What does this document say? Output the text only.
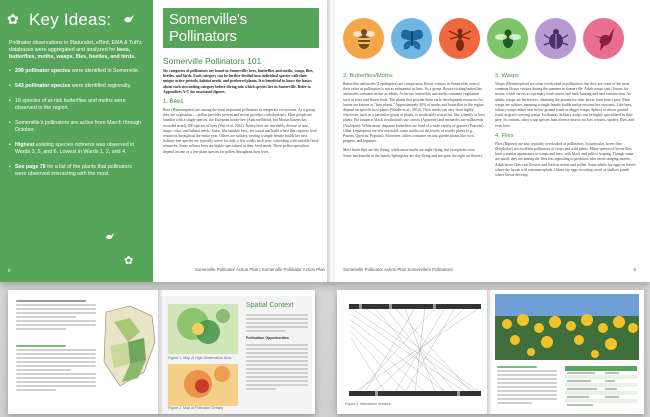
✿ Key Ideas:
Pollinator observations in iNaturalist, eBird, EMA & Tuft's databases were aggregated and analyzed for bees, butterflies, moths, wasps, flies, beetles, and birds.
• 299 pollinator species were identified in Somerville.
• 543 pollinator species were identified regionally.
• 18 species of at-risk butterflies and moths were observed in the region.
• Somerville's pollinators are active from March through October.
• Highest existing species richness was observed in Wards 3, 5, and 6. Lowest in Wards 1, 2, and 4.
• See page 79 for a list of the plants that pollinators were observed interacting with the most.
✿
8
Somerville's Pollinators
Somerville Pollinators 101
Six categories of pollinators are found in Somerville: bees, butterflies and moths, wasps, flies, beetles, and birds. Each category can be further divided into individual species with their unique active periods, habitat needs, and preferred plants. It is beneficial to know the basics about each stewarding category before diving into which species live in Somerville. Refer to Appendices A-C for associated figures.
1. Bees
Bees (Hymenoptera) are among the most important pollinators in temperate ecosystems. As a group, they are vegetarian — pollen provides protein and nectar provides carbohydrates. Most people are familiar with a single species, the European honey bee (Apis mellifera), but Massachusetts has recorded nearly 400 species of bees (Veit et al. 2022). Native bees are incredibly diverse in size, shape, color, and habitat needs. Some, like bumble bees, are social and build a nest that requires food resources throughout the entire year. Others are solitary, nesting a single female builds her nest. Solitary bee species are typically active for only a few weeks each year, coinciding with suitable floral resources. Some solitary bees are highly specialized in their food needs. These pollen specialists depend on one or a few plant species for pollen throughout their lives.
Somerville Pollinator Action Plan | Somerville Pollinator Action Plan
2. Butterflies/Moths
Butterflies and moths (Lepidoptera) are conspicuous flower visitors in Somerville, even if their value as pollinators is not as substantial as bees. As a group, flower-visiting butterflies and moths consume nectar as adults. As larvae, butterflies and moths consume vegetation such as trees and flower beds. The plants that provide these early development resources for larvae are known as "host plants." Approximately 40% of moths and butterflies in the region depend on specific host plants (Wardle et al., 2014). Their needs can vary from highly restrictive, such as a particular genus of plants, to moderately restrictive, like a family of host plants. For instance, black swallowtails use carrots (Apiaceae) and monarchs use milkweeds (Asclepias). While many diapause butterflies are fond of a wide variety of grasses (Poaceae). Other Lepidoptera are less restricted, some moths eat the leaves of woody plants (e.g., Prunus, Quercus, Populus). Moreover, others consume various garden plants like corn, peppers, and legumes.
Most butterflies are day flying, while most moths are night flying, but exceptions exist. Some hawkmoths in the family Sphingidae are day flying and are quite the sight on flowers.
3. Wasps
Wasps (Hymenoptera) are often overlooked as pollinators, but they are some of the most common flower visitors during the summer in Somerville. Adult wasps visit flowers for nectar, which serves as a primary food source and fuels hunting and nest construction. As adults, wasps are herbivores, obtaining the protein for their larvae from insect prey. Most wasps are solitary, meaning a single female builds and provisions her own nest. Like bees, solitary wasps either nest below ground (such as digger wasps, Sphex) or above ground (such as grass-carrying wasps, Isodontia). Solitary wasps can be highly specialized in their prey. In contrast, other wasp species hunt diverse insects such as crickets, spiders, flies, and even bees.
4. Flies
Flies (Diptera) are also typically overlooked as pollinators. In particular, hover flies (Syrphidae) are excellent pollinators of crops and wild plants. Many species of hover flies have a similar appearance to wasps and bees, with black and yellow striping. Though some are small, they are among the flies less appealing to predators who avoid stinging insects. Adult hover flies visit flowers and feed on nectar and pollen. Some adults lay eggs on leaves where the larvae will consume aphids. Others lay eggs in rotting wood or shallow ponds where larvae develop.
Somerville Pollinator Action Plan Somerville's Pollinators	9
Figure 1. Map of High Observation Area
Figure 2. Map of Pollinator Density
Spatial Context
Pollination Opportunities
Figure 3. Interaction network
